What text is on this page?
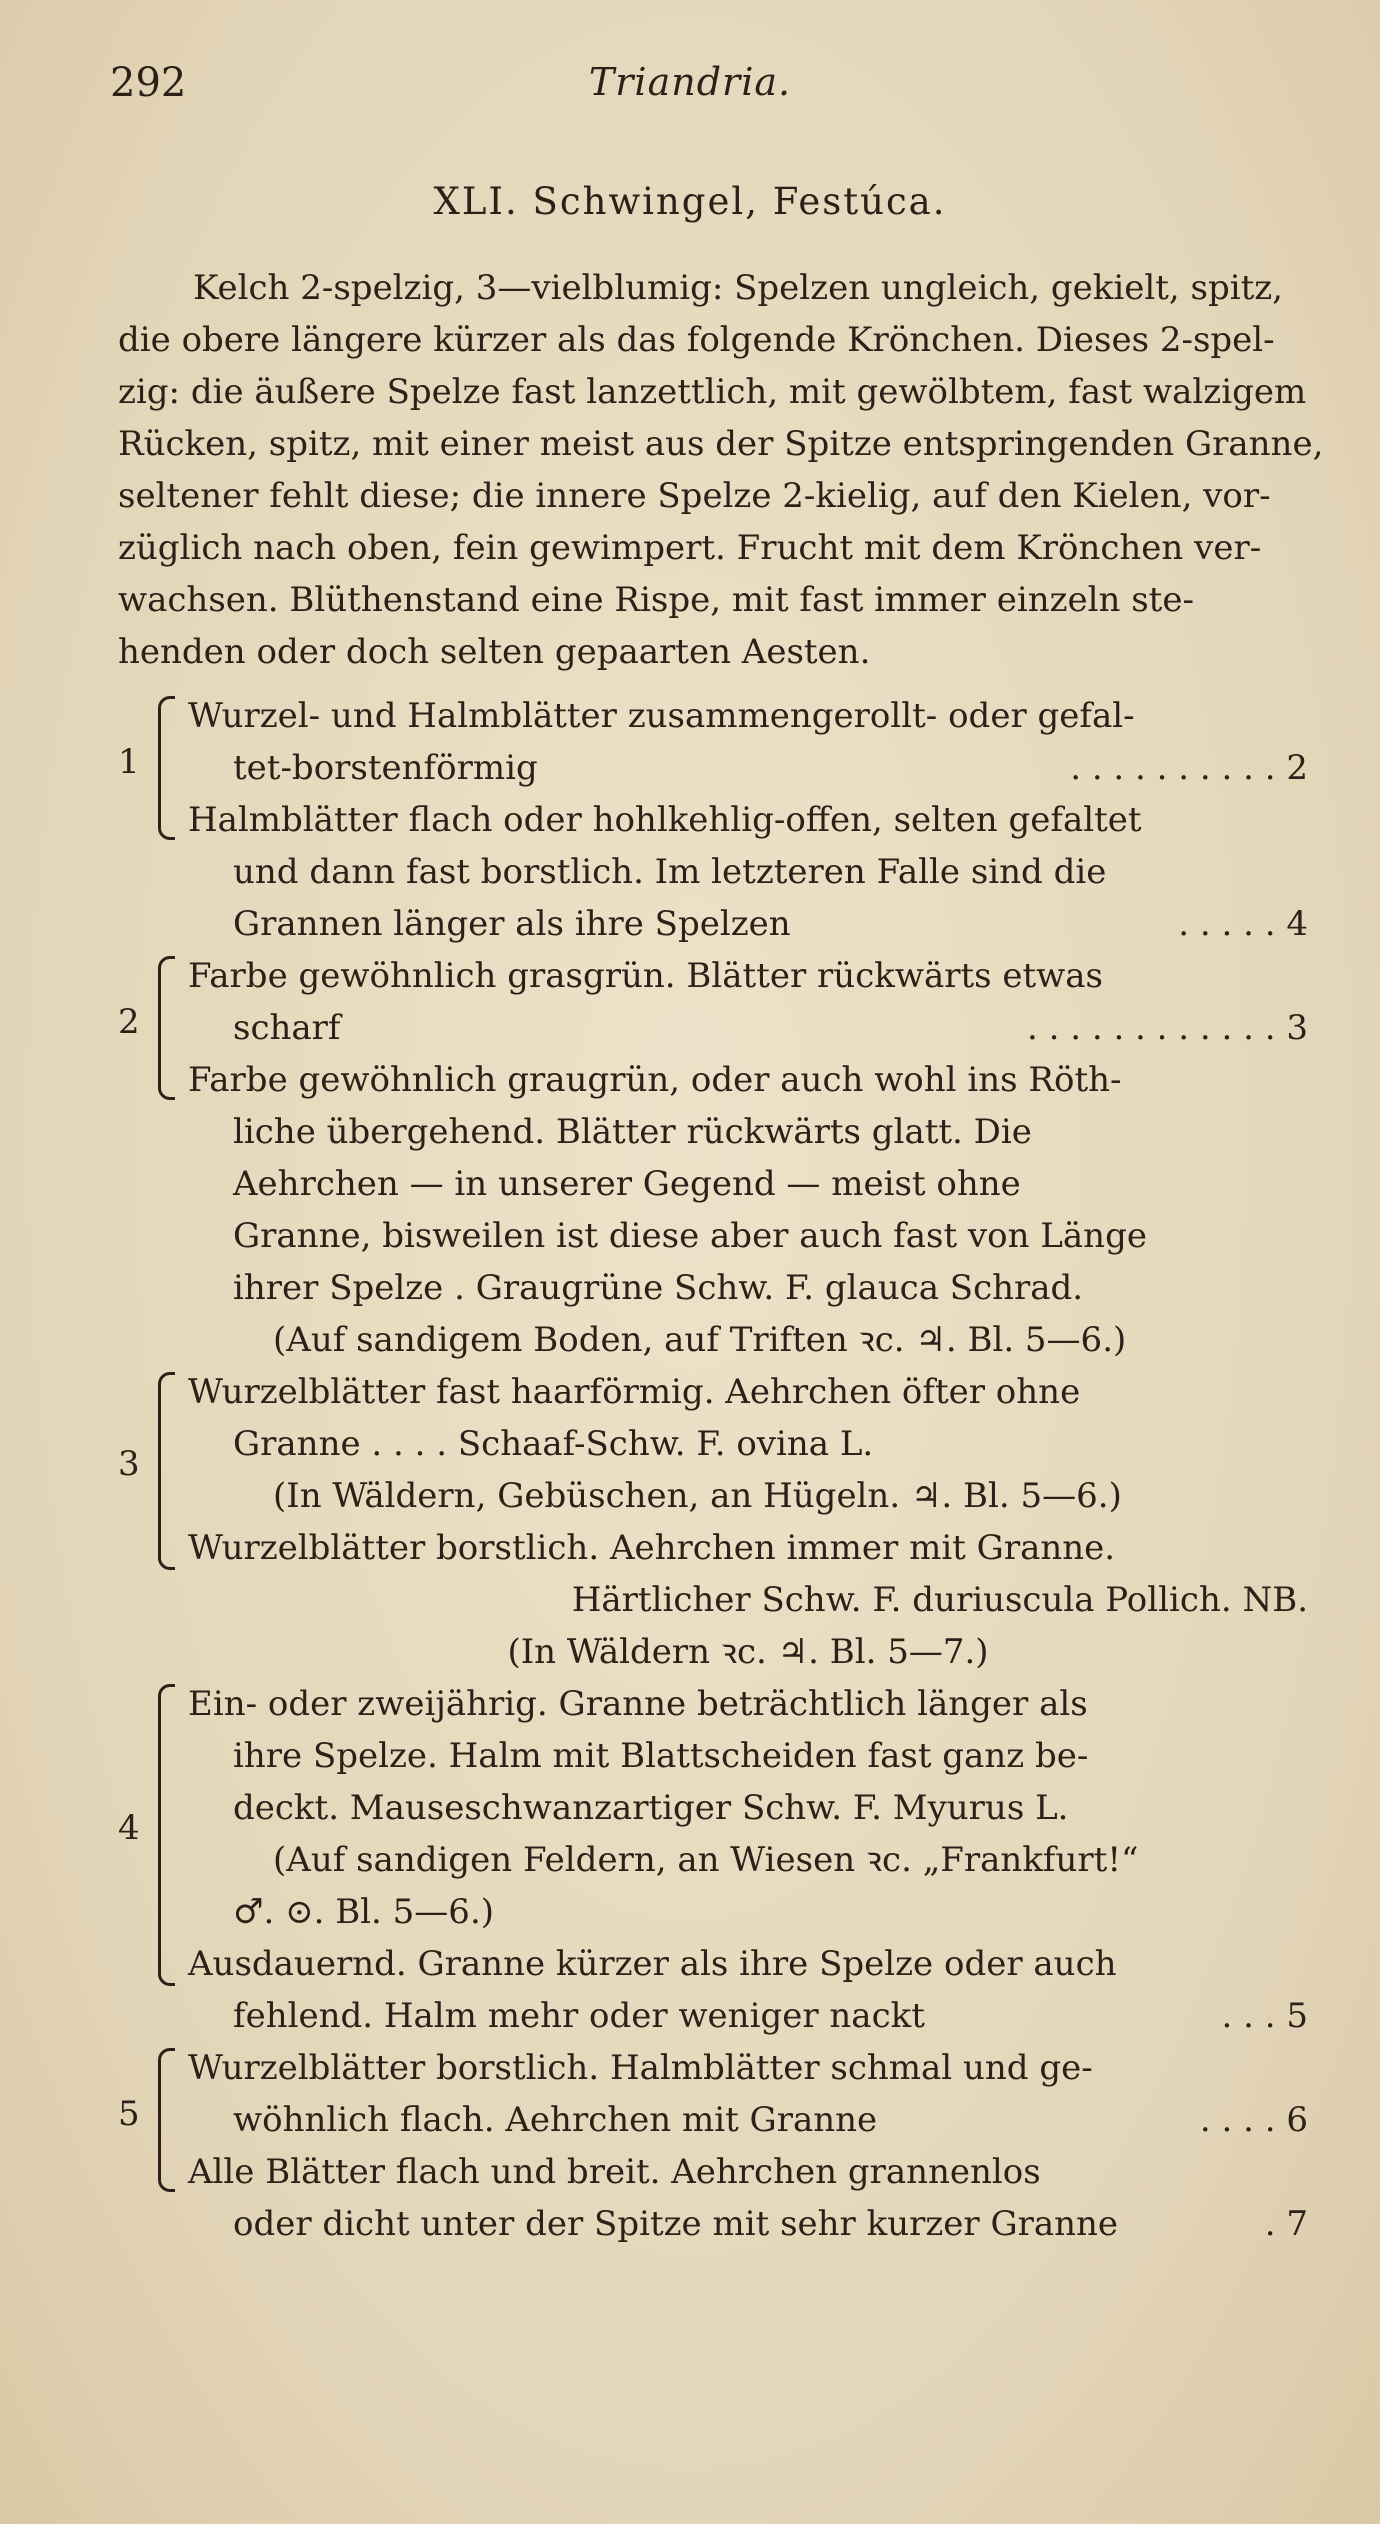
292	Triandria.
XLI. Schwingel, Festúca.
Kelch 2-spelzig, 3—vielblumig: Spelzen ungleich, gekielt, spitz,
die obere längere kürzer als das folgende Krönchen. Dieses 2-spel-
zig: die äußere Spelze fast lanzettlich, mit gewölbtem, fast walzigem
Rücken, spitz, mit einer meist aus der Spitze entspringenden Granne,
seltener fehlt diese; die innere Spelze 2-kielig, auf den Kielen, vor-
züglich nach oben, fein gewimpert. Frucht mit dem Krönchen ver-
wachsen. Blüthenstand eine Rispe, mit fast immer einzeln ste-
henden oder doch selten gepaarten Aesten.
1
Wurzel- und Halmblätter zusammengerollt- oder gefal-
tet-borstenförmig	. . . . . . . . . . 2
Halmblätter flach oder hohlkehlig-offen, selten gefaltet
und dann fast borstlich. Im letzteren Falle sind die
Grannen länger als ihre Spelzen	. . . . . 4
2
Farbe gewöhnlich grasgrün. Blätter rückwärts etwas
scharf	. . . . . . . . . . . . 3
Farbe gewöhnlich graugrün, oder auch wohl ins Röth-
liche übergehend. Blätter rückwärts glatt. Die
Aehrchen — in unserer Gegend — meist ohne
Granne, bisweilen ist diese aber auch fast von Länge
ihrer Spelze . Graugrüne Schw. F. glauca Schrad.
(Auf sandigem Boden, auf Triften ꝛc. ♃. Bl. 5—6.)
3
Wurzelblätter fast haarförmig. Aehrchen öfter ohne
Granne . . . . Schaaf-Schw. F. ovina L.
(In Wäldern, Gebüschen, an Hügeln. ♃. Bl. 5—6.)
Wurzelblätter borstlich. Aehrchen immer mit Granne.
Härtlicher Schw. F. duriuscula Pollich. NB.
(In Wäldern ꝛc. ♃. Bl. 5—7.)
4
Ein- oder zweijährig. Granne beträchtlich länger als
ihre Spelze. Halm mit Blattscheiden fast ganz be-
deckt. Mauseschwanzartiger Schw. F. Myurus L.
(Auf sandigen Feldern, an Wiesen ꝛc. „Frankfurt!“
♂. ⊙. Bl. 5—6.)
Ausdauernd. Granne kürzer als ihre Spelze oder auch
fehlend. Halm mehr oder weniger nackt	. . . 5
5
Wurzelblätter borstlich. Halmblätter schmal und ge-
wöhnlich flach. Aehrchen mit Granne	. . . . 6
Alle Blätter flach und breit. Aehrchen grannenlos
oder dicht unter der Spitze mit sehr kurzer Granne	. 7
